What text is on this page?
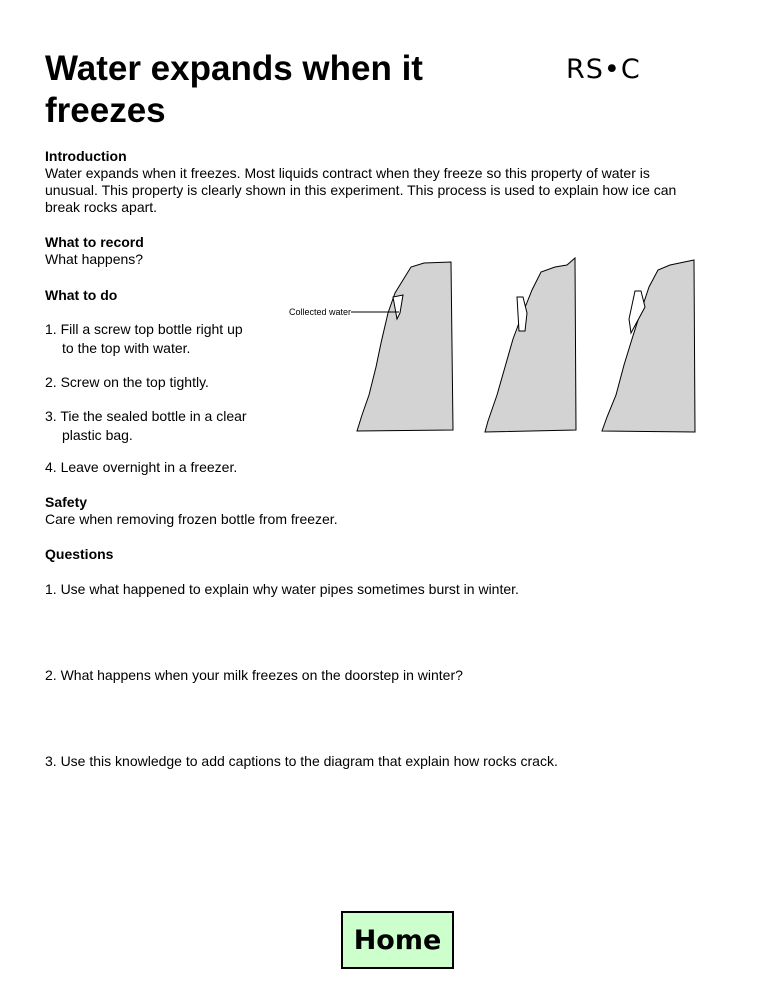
Water expands when it freezes
RS•C
Introduction
Water expands when it freezes. Most liquids contract when they freeze so this property of water is unusual. This property is clearly shown in this experiment. This process is used to explain how ice can break rocks apart.
What to record
What happens?
What to do
1. Fill a screw top bottle right up
to the top with water.
2. Screw on the top tightly.
3. Tie the sealed bottle in a clear
plastic bag.
4. Leave overnight in a freezer.
Collected water
Safety
Care when removing frozen bottle from freezer.
Questions
1. Use what happened to explain why water pipes sometimes burst in winter.
2. What happens when your milk freezes on the doorstep in winter?
3. Use this knowledge to add captions to the diagram that explain how rocks crack.
Home
